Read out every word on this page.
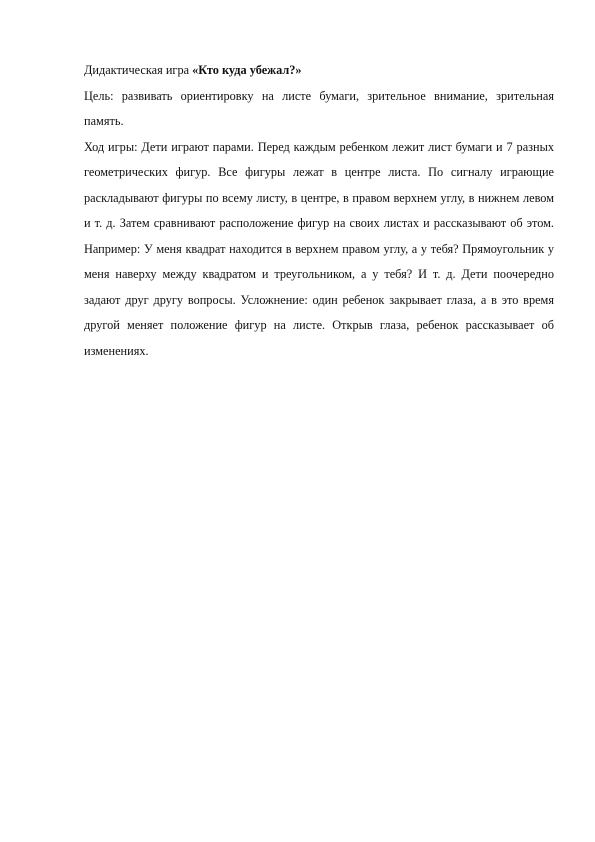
Дидактическая игра «Кто куда убежал?»

Цель: развивать ориентировку на листе бумаги, зрительное внимание, зрительная память.

Ход игры: Дети играют парами. Перед каждым ребенком лежит лист бумаги и 7 разных геометрических фигур. Все фигуры лежат в центре листа. По сигналу играющие раскладывают фигуры по всему листу, в центре, в правом верхнем углу, в нижнем левом и т. д. Затем сравнивают расположение фигур на своих листах и рассказывают об этом. Например: У меня квадрат находится в верхнем правом углу, а у тебя? Прямоугольник у меня наверху между квадратом и треугольником, а у тебя? И т. д. Дети поочередно задают друг другу вопросы. Усложнение: один ребенок закрывает глаза, а в это время другой меняет положение фигур на листе. Открыв глаза, ребенок рассказывает об изменениях.
